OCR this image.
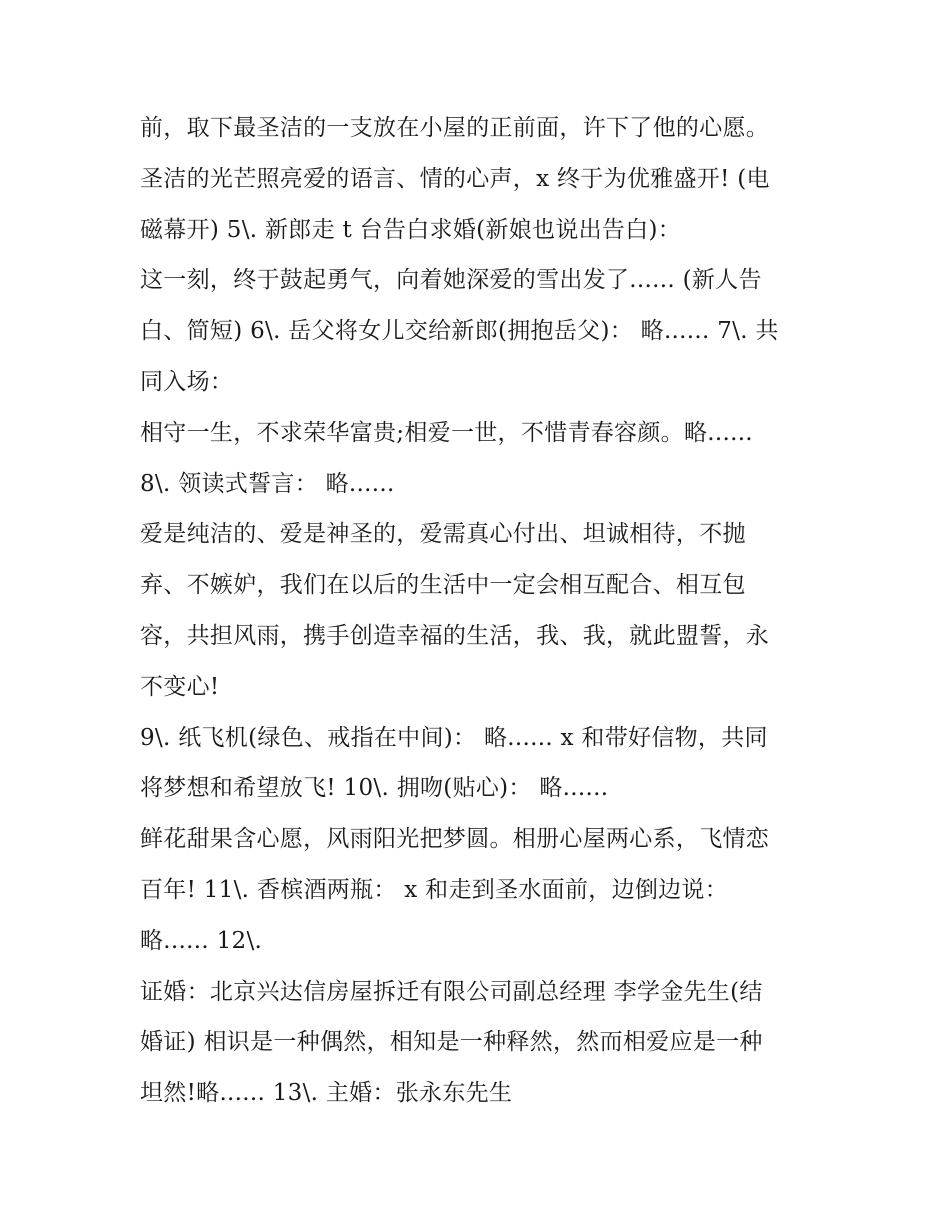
前，取下最圣洁的一支放在小屋的正前面，许下了他的心愿。
圣洁的光芒照亮爱的语言、情的心声，x 终于为优雅盛开! (电
磁幕开) 5\. 新郎走 t 台告白求婚(新娘也说出告白)：
这一刻，终于鼓起勇气，向着她深爱的雪出发了...... (新人告
白、简短) 6\. 岳父将女儿交给新郎(拥抱岳父)： 略...... 7\. 共
同入场：
相守一生，不求荣华富贵;相爱一世，不惜青春容颜。略......
8\. 领读式誓言： 略......
爱是纯洁的、爱是神圣的，爱需真心付出、坦诚相待，不抛
弃、不嫉妒，我们在以后的生活中一定会相互配合、相互包
容，共担风雨，携手创造幸福的生活，我、我，就此盟誓，永
不变心!
9\. 纸飞机(绿色、戒指在中间)： 略...... x 和带好信物，共同
将梦想和希望放飞! 10\. 拥吻(贴心)： 略......
鲜花甜果含心愿，风雨阳光把梦圆。相册心屋两心系，飞情恋
百年! 11\. 香槟酒两瓶： x 和走到圣水面前，边倒边说：
略...... 12\.
证婚：北京兴达信房屋拆迁有限公司副总经理 李学金先生(结
婚证) 相识是一种偶然，相知是一种释然，然而相爱应是一种
坦然!略...... 13\. 主婚：张永东先生
